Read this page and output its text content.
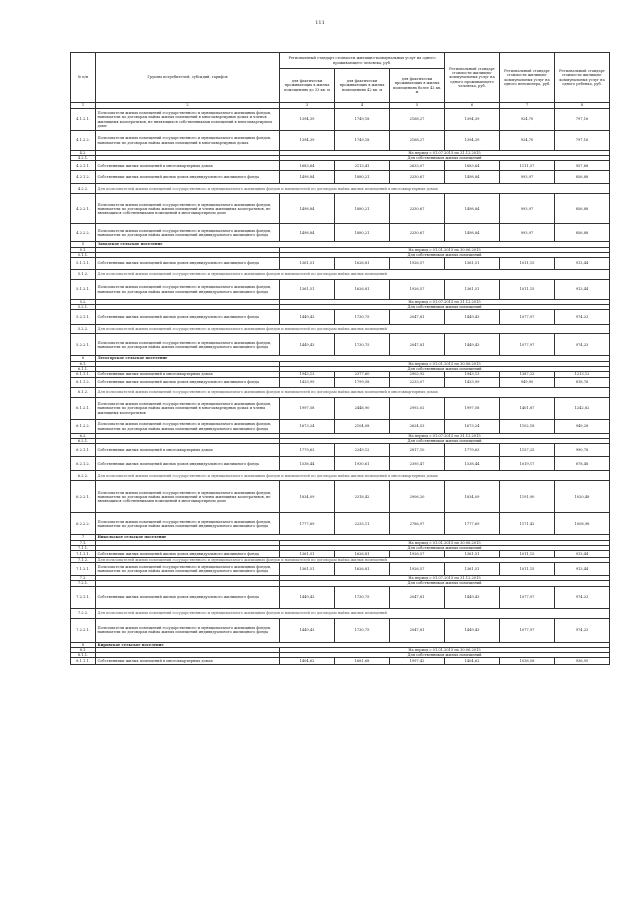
111
№ п/п	Группы потребителей, субсидий, тарифов	Региональный стандарт стоимости жилищно-коммунальных услуг на одного проживающего человека, руб.			Региональный стандарт стоимости жилищно-коммунальных услуг на одного проживающего человека, руб.	Региональный стандарт стоимости жилищно-коммунальных услуг на одного пенсионера, руб.	Региональный стандарт стоимости жилищно-коммунальных услуг на одного ребенка, руб.
		для фактически проживающих в жилых помещениях до 33 кв. м	для фактически проживающих в жилых помещениях 42 кв. м	для фактически проживающих в жилых помещениях более 42 кв. м			
1	2	3	4	5	6	7	8
4.1.2.1.	Пользователи жилых помещений государственного и муниципального жилищных фондов, наниматели по договорам найма жилых помещений в многоквартирных домах и членов жилищных кооперативов, не являющихся собственниками помещений в многоквартирном доме	1394,39	1749,18	2168,27	1394,39	924,70	797,16
4.1.2.2.	Пользователи жилых помещений государственного и муниципального жилищных фондов, наниматели по договорам найма жилых помещений в многоквартирных домах	1394,39	1749,18	2168,27	1394,39	924,70	797,16
4.2.		На период с 01.07.2015 по 31.12.2015					
4.2.1.		Для собственников жилых помещений					
4.2.1.1.	Собственники жилых помещений в многоквартирных домах	1683,64	2113,41	2633,07	1683,64	1111,57	957,68
4.2.1.2.	Собственники жилых помещений жилых домов индивидуального жилищного фонда	1498,84	1880,21	2330,67	1498,84	993,97	856,88
4.2.2.	Для пользователей жилых помещений государственного и муниципального жилищных фондов и нанимателей по договорам найма жилых помещений в многоквартирных домах						
4.2.2.1.	Пользователи жилых помещений государственного и муниципального жилищных фондов, наниматели по договорам найма жилых помещений и члены жилищных кооперативов, не являющихся собственниками помещений в многоквартирном доме	1498,84	1880,21	2330,67	1498,84	993,97	856,88
4.2.2.2.	Пользователи жилых помещений государственного и муниципального жилищных фондов, наниматели по договорам найма жилых помещений индивидуального жилищного фонда	1498,84	1880,21	2330,67	1498,84	993,97	856,88
5	Заводское сельское поселение						
5.1.		На период с 01.01.2015 по 30.06.2015					
5.1.1.		Для собственников жилых помещений					
5.1.1.1.	Собственники жилых помещений жилых домов индивидуального жилищного фонда	1361,51	1626,81	1926,57	1361,51	1011,15	913,44
5.1.2.	Для пользователей жилых помещений государственного и муниципального жилищных фондов и нанимателей по договорам найма жилых помещений						
5.1.2.1.	Пользователи жилых помещений государственного и муниципального жилищных фондов, наниматели по договорам найма жилых помещений индивидуального жилищного фонда	1361,51	1626,81	1926,57	1361,51	1011,15	913,44
5.2.		На период с 01.07.2015 по 31.12.2015					
5.2.1.		Для собственников жилых помещений					
5.2.1.1.	Собственники жилых помещений жилых домов индивидуального жилищного фонда	1449,43	1730,75	2047,81	1449,43	1077,97	974,23
5.2.2.	Для пользователей жилых помещений государственного и муниципального жилищных фондов и нанимателей по договорам найма жилых помещений						
5.2.2.1.	Пользователи жилых помещений государственного и муниципального жилищных фондов, наниматели по договорам найма жилых помещений индивидуального жилищного фонда	1449,43	1730,75	2047,81	1449,43	1077,97	974,23
6	Лесогорское сельское поселение						
6.1.		На период с 01.01.2015 по 30.06.2015					
6.1.1.		Для собственников жилых помещений					
6.1.1.1.	Собственники жилых помещений в многоквартирных домах	1943,13	2377,60	2902,92	1943,13	1387,22	1213,12
6.1.1.2.	Собственники жилых помещений жилых домов индивидуального жилищного фонда	1433,99	1799,58	2233,07	1433,99	949,90	818,76
6.1.2.	Для пользователей жилых помещений государственного и муниципального жилищных фондов и нанимателей по договорам найма жилых помещений в многоквартирных домах						
6.1.2.1.	Пользователи жилых помещений государственного и муниципального жилищных фондов, наниматели по договорам найма жилых помещений в многоквартирных домах и члены жилищных кооперативов	1997,58	2446,90	2992,02	1997,58	1401,87	1242,82
6.1.2.2.	Пользователи жилых помещений государственного и муниципального жилищных фондов, наниматели по договорам найма жилых помещений индивидуального жилищного фонда	1673,24	2104,08	2624,53	1673,24	1102,18	949,28
6.2.		На период с 01.07.2015 по 31.12.2015					
6.2.1.		Для собственников жилых помещений					
6.2.1.1.	Собственники жилых помещений в многоквартирных домах	1779,63	2249,12	2817,10	1779,63	1157,25	990,78
6.2.1.2.	Собственники жилых помещений жилых домов индивидуального жилищного фонда	1538,44	1930,61	2395,47	1538,44	1019,17	878,48
6.2.2.	Для пользователей жилых помещений государственного и муниципального жилищных фондов и нанимателей по договорам найма жилых помещений в многоквартирных домах						
6.2.2.1.	Пользователи жилых помещений государственного и муниципального жилищных фондов, наниматели по договорам найма жилых помещений и члены жилищных кооперативов, не являющихся собственниками помещений в многоквартирном доме	1834,09	2318,42	2906,20	1834,09	1191,90	1020,48
6.2.2.2.	Пользователи жилых помещений государственного и муниципального жилищных фондов, наниматели по договорам найма жилых помещений индивидуального жилищного фонда	1777,69	2235,11	2786,97	1777,69	1171,42	1008,98
7	Никольское сельское поселение						
7.1.		На период с 01.01.2015 по 30.06.2015					
7.1.1.		Для собственников жилых помещений					
7.1.1.1.	Собственники жилых помещений жилых домов индивидуального жилищного фонда	1361,51	1626,81	1926,57	1361,51	1011,15	913,44
7.1.2.	Для пользователей жилых помещений государственного и муниципального жилищных фондов и нанимателей по договорам найма жилых помещений						
7.1.2.1.	Пользователи жилых помещений государственного и муниципального жилищных фондов, наниматели по договорам найма жилых помещений индивидуального жилищного фонда	1361,51	1626,81	1926,57	1361,51	1011,15	913,44
7.2.		На период с 01.07.2015 по 31.12.2015					
7.2.1.		Для собственников жилых помещений					
7.2.1.1.	Собственники жилых помещений жилых домов индивидуального жилищного фонда	1449,43	1730,75	2047,81	1449,43	1077,97	974,23
7.2.2.	Для пользователей жилых помещений государственного и муниципального жилищных фондов и нанимателей по договорам найма жилых помещений						
7.2.2.1.	Пользователи жилых помещений государственного и муниципального жилищных фондов, наниматели по договорам найма жилых помещений индивидуального жилищного фонда	1449,43	1730,75	2047,81	1449,43	1077,97	974,23
8	Кировское сельское поселение						
8.1.		На период с 01.01.2015 по 30.06.2015					
8.1.1.		Для собственников жилых помещений					
8.1.1.1.	Собственники жилых помещений в многоквартирных домах	1404,62	1681,68	1997,42	1404,62	1038,58	936,95
